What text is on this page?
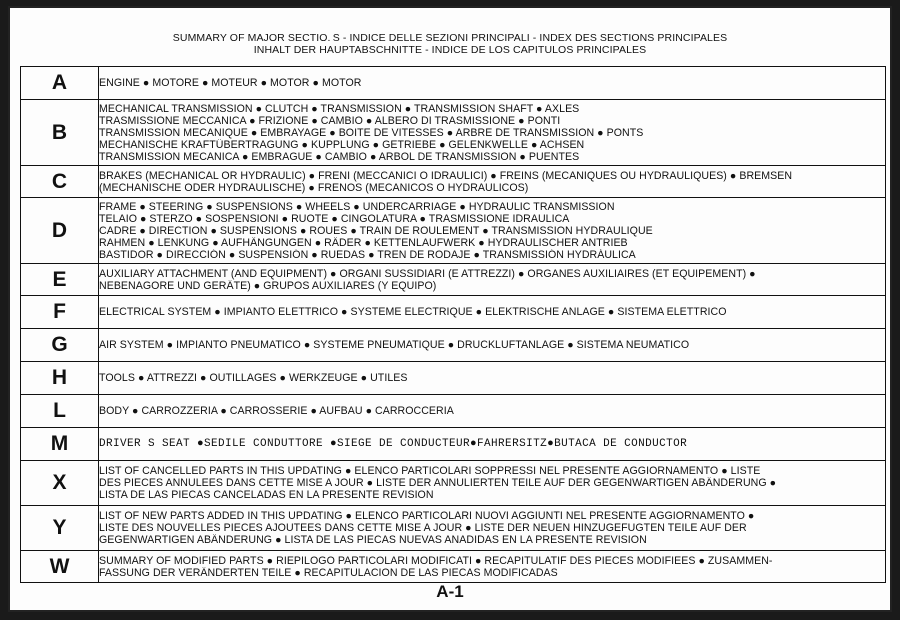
SUMMARY OF MAJOR SECTIO. S - INDICE DELLE SEZIONI PRINCIPALI - INDEX DES SECTIONS PRINCIPALES
INHALT DER HAUPTABSCHNITTE - INDICE DE LOS CAPITULOS PRINCIPALES
A	ENGINE ● MOTORE ● MOTEUR ● MOTOR ● MOTOR

B	MECHANICAL TRANSMISSION ● CLUTCH ● TRANSMISSION ● TRANSMISSION SHAFT ● AXLES
TRASMISSIONE MECCANICA ● FRIZIONE ● CAMBIO ● ALBERO DI TRASMISSIONE ● PONTI
TRANSMISSION MECANIQUE ● EMBRAYAGE ● BOITE DE VITESSES ● ARBRE DE TRANSMISSION ● PONTS
MECHANISCHE KRAFTÜBERTRAGUNG ● KUPPLUNG ● GETRIEBE ● GELENKWELLE ● ACHSEN
TRANSMISSION MECANICA ● EMBRAGUE ● CAMBIO ● ARBOL DE TRANSMISSION ● PUENTES

C	BRAKES (MECHANICAL OR HYDRAULIC) ● FRENI (MECCANICI O IDRAULICI) ● FREINS (MECANIQUES OU HYDRAULIQUES) ● BREMSEN
(MECHANISCHE ODER HYDRAULISCHE) ● FRENOS (MECANICOS O HYDRAULICOS)

D	FRAME ● STEERING ● SUSPENSIONS ● WHEELS ● UNDERCARRIAGE ● HYDRAULIC TRANSMISSION
TELAIO ● STERZO ● SOSPENSIONI ● RUOTE ● CINGOLATURA ● TRASMISSIONE IDRAULICA
CADRE ● DIRECTION ● SUSPENSIONS ● ROUES ● TRAIN DE ROULEMENT ● TRANSMISSION HYDRAULIQUE
RAHMEN ● LENKUNG ● AUFHÄNGUNGEN ● RÄDER ● KETTENLAUFWERK ● HYDRAULISCHER ANTRIEB
BASTIDOR ● DIRECCIÓN ● SUSPENSIÓN ● RUEDAS ● TREN DE RODAJE ● TRANSMISSIÓN HYDRÁULICA

E	AUXILIARY ATTACHMENT (AND EQUIPMENT) ● ORGANI SUSSIDIARI (E ATTREZZI) ● ORGANES AUXILIAIRES (ET EQUIPEMENT) ●
NEBENAGORE UND GERÄTE) ● GRUPOS AUXILIARES (Y EQUIPO)

F	ELECTRICAL SYSTEM ● IMPIANTO ELETTRICO ● SYSTEME ELECTRIQUE ● ELEKTRISCHE ANLAGE ● SISTEMA ELETTRICO

G	AIR SYSTEM ● IMPIANTO PNEUMATICO ● SYSTEME PNEUMATIQUE ● DRUCKLUFTANLAGE ● SISTEMA NEUMATICO

H	TOOLS ● ATTREZZI ● OUTILLAGES ● WERKZEUGE ● UTILES

L	BODY ● CARROZZERIA ● CARROSSERIE ● AUFBAU ● CARROCCERIA

M	DRIVER S SEAT ●SEDILE CONDUTTORE ●SIEGE DE CONDUCTEUR●FAHRERSITZ●BUTACA DE CONDUCTOR

X	LIST OF CANCELLED PARTS IN THIS UPDATING ● ELENCO PARTICOLARI SOPPRESSI NEL PRESENTE AGGIORNAMENTO ● LISTE
DES PIECES ANNULEES DANS CETTE MISE A JOUR ● LISTE DER ANNULIERTEN TEILE AUF DER GEGENWARTIGEN ABÄNDERUNG ●
LISTA DE LAS PIECAS CANCELADAS EN LA PRESENTE REVISION

Y	LIST OF NEW PARTS ADDED IN THIS UPDATING ● ELENCO PARTICOLARI NUOVI AGGIUNTI NEL PRESENTE AGGIORNAMENTO ●
LISTE DES NOUVELLES PIECES AJOUTEES DANS CETTE MISE A JOUR ● LISTE DER NEUEN HINZUGEFUGTEN TEILE AUF DER
GEGENWARTIGEN ABÄNDERUNG ● LISTA DE LAS PIECAS NUEVAS ANADIDAS EN LA PRESENTE REVISION

W	SUMMARY OF MODIFIED PARTS ● RIEPILOGO PARTICOLARI MODIFICATI ● RECAPITULATIF DES PIECES MODIFIEES ● ZUSAMMEN-
FASSUNG DER VERÄNDERTEN TEILE ● RECAPITULACION DE LAS PIECAS MODIFICADAS
A-1
